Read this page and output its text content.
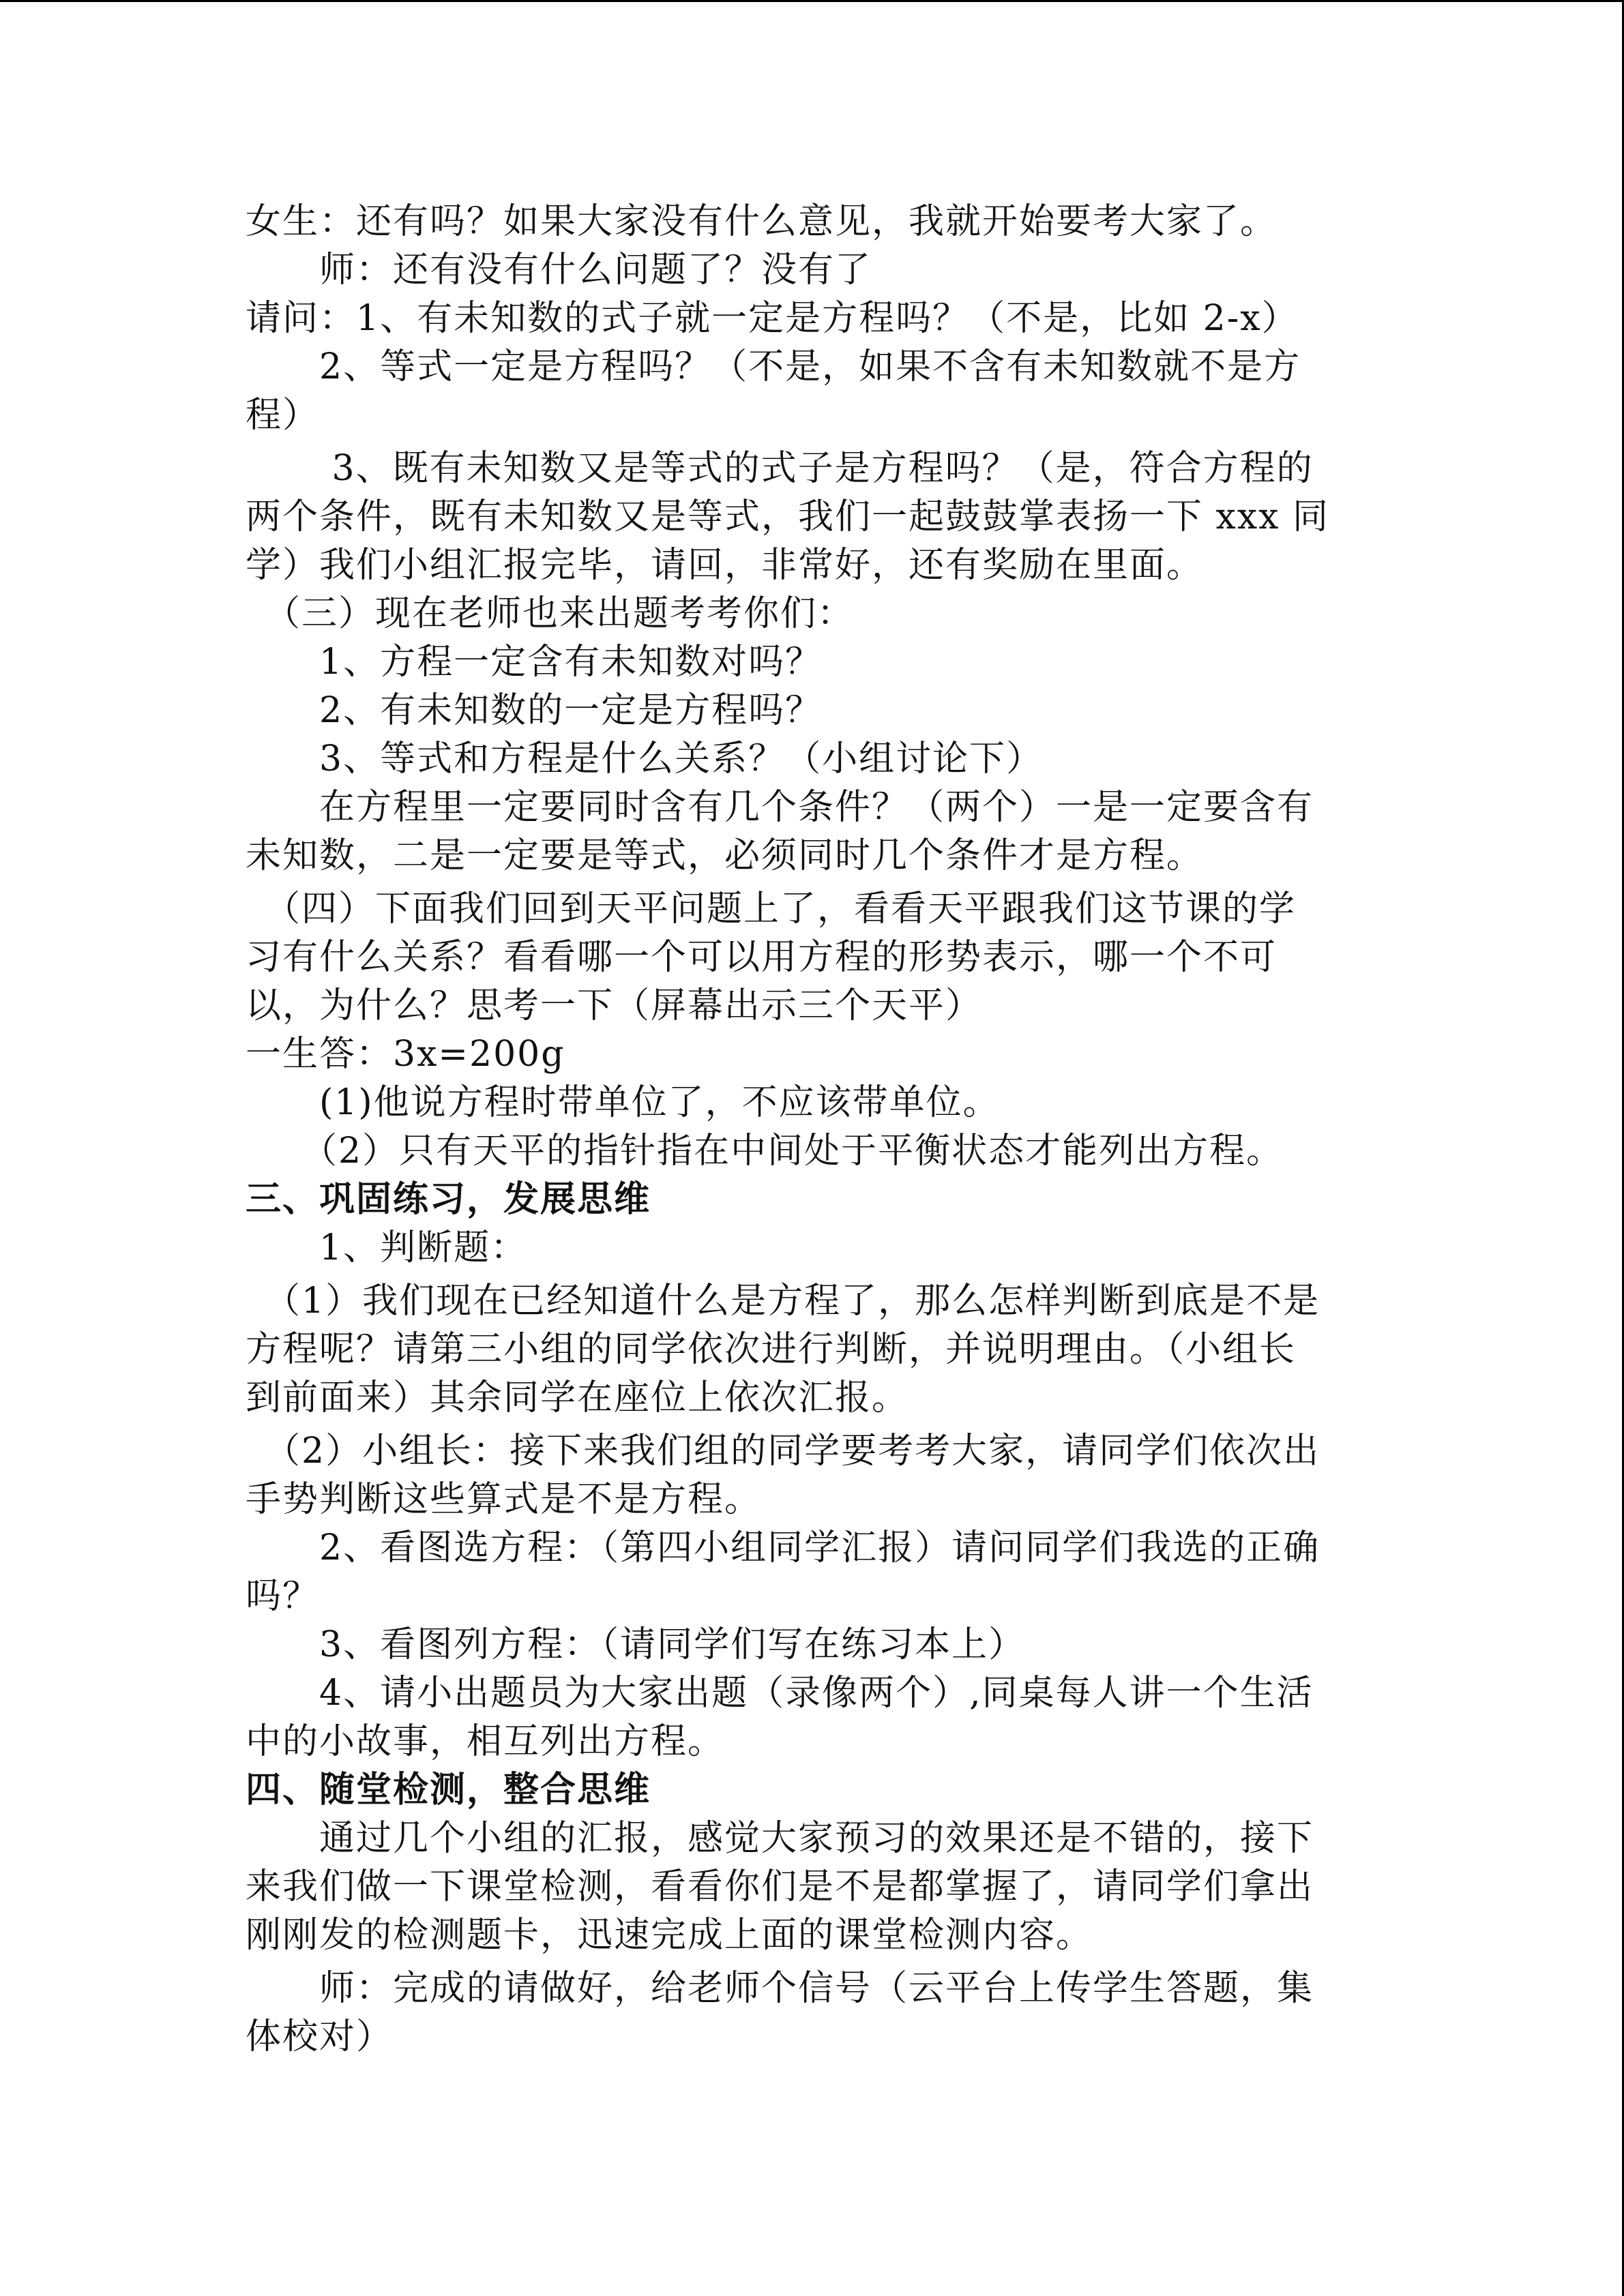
女生：还有吗？如果大家没有什么意见，我就开始要考大家了。
　　师：还有没有什么问题了？没有了
请问：1、有未知数的式子就一定是方程吗？（不是，比如 2-x）
　　2、等式一定是方程吗？（不是，如果不含有未知数就不是方
程）
　　 3、既有未知数又是等式的式子是方程吗？（是，符合方程的
两个条件，既有未知数又是等式，我们一起鼓鼓掌表扬一下 xxx 同
学）我们小组汇报完毕，请回，非常好，还有奖励在里面。
　（三）现在老师也来出题考考你们：
　　1、方程一定含有未知数对吗？
　　2、有未知数的一定是方程吗？
　　3、等式和方程是什么关系？（小组讨论下）
　　在方程里一定要同时含有几个条件？（两个）一是一定要含有
未知数，二是一定要是等式，必须同时几个条件才是方程。
　（四）下面我们回到天平问题上了，看看天平跟我们这节课的学
习有什么关系？看看哪一个可以用方程的形势表示，哪一个不可
以，为什么？思考一下（屏幕出示三个天平）
一生答：3x=200g
　　(1)他说方程时带单位了，不应该带单位。
　　（2）只有天平的指针指在中间处于平衡状态才能列出方程。
三、巩固练习，发展思维
　　1、判断题：
　（1）我们现在已经知道什么是方程了，那么怎样判断到底是不是
方程呢？请第三小组的同学依次进行判断，并说明理由。（小组长
到前面来）其余同学在座位上依次汇报。
　（2）小组长：接下来我们组的同学要考考大家，请同学们依次出
手势判断这些算式是不是方程。
　　2、看图选方程：（第四小组同学汇报）请问同学们我选的正确
吗？
　　3、看图列方程：（请同学们写在练习本上）
　　4、请小出题员为大家出题（录像两个）,同桌每人讲一个生活
中的小故事，相互列出方程。
四、随堂检测，整合思维
　　通过几个小组的汇报，感觉大家预习的效果还是不错的，接下
来我们做一下课堂检测，看看你们是不是都掌握了，请同学们拿出
刚刚发的检测题卡，迅速完成上面的课堂检测内容。
　　师：完成的请做好，给老师个信号（云平台上传学生答题，集
体校对）
